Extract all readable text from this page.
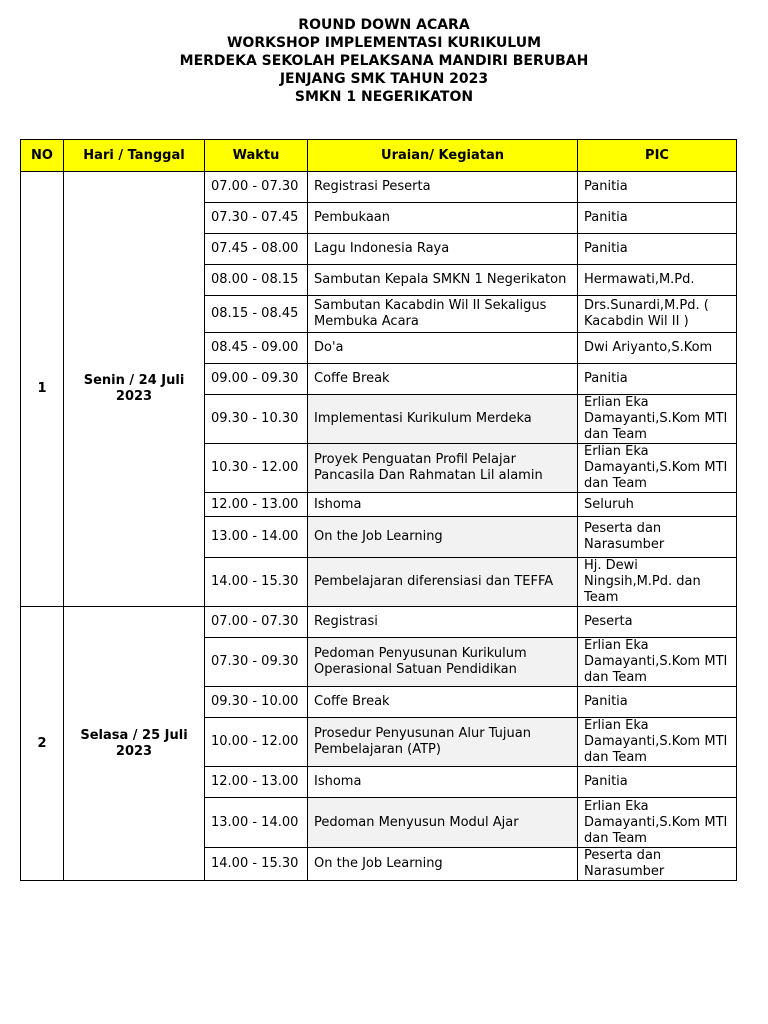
ROUND DOWN ACARA
WORKSHOP IMPLEMENTASI KURIKULUM
MERDEKA SEKOLAH PELAKSANA MANDIRI BERUBAH
JENJANG SMK TAHUN 2023
SMKN 1 NEGERIKATON
NO	Hari / Tanggal	Waktu	Uraian/ Kegiatan	PIC
1	Senin / 24 Juli 2023	07.00 - 07.30	Registrasi Peserta	Panitia
		07.30 - 07.45	Pembukaan	Panitia
		07.45 - 08.00	Lagu Indonesia Raya	Panitia
		08.00 - 08.15	Sambutan Kepala SMKN 1 Negerikaton	Hermawati,M.Pd.
		08.15 - 08.45	Sambutan Kacabdin Wil II Sekaligus Membuka Acara	Drs.Sunardi,M.Pd. ( Kacabdin Wil II )
		08.45 - 09.00	Do'a	Dwi Ariyanto,S.Kom
		09.00 - 09.30	Coffe Break	Panitia
		09.30 - 10.30	Implementasi Kurikulum Merdeka	Erlian Eka Damayanti,S.Kom MTI dan Team
		10.30 - 12.00	Proyek Penguatan Profil Pelajar Pancasila Dan Rahmatan Lil alamin	Erlian Eka Damayanti,S.Kom MTI dan Team
		12.00 - 13.00	Ishoma	Seluruh
		13.00 - 14.00	On the Job Learning	Peserta dan Narasumber
		14.00 - 15.30	Pembelajaran diferensiasi dan TEFFA	Hj. Dewi Ningsih,M.Pd. dan Team
2	Selasa / 25 Juli 2023	07.00 - 07.30	Registrasi	Peserta
		07.30 - 09.30	Pedoman Penyusunan Kurikulum Operasional Satuan Pendidikan	Erlian Eka Damayanti,S.Kom MTI dan Team
		09.30 - 10.00	Coffe Break	Panitia
		10.00 - 12.00	Prosedur Penyusunan Alur Tujuan Pembelajaran (ATP)	Erlian Eka Damayanti,S.Kom MTI dan Team
		12.00 - 13.00	Ishoma	Panitia
		13.00 - 14.00	Pedoman Menyusun Modul Ajar	Erlian Eka Damayanti,S.Kom MTI dan Team
		14.00 - 15.30	On the Job Learning	Peserta dan Narasumber
